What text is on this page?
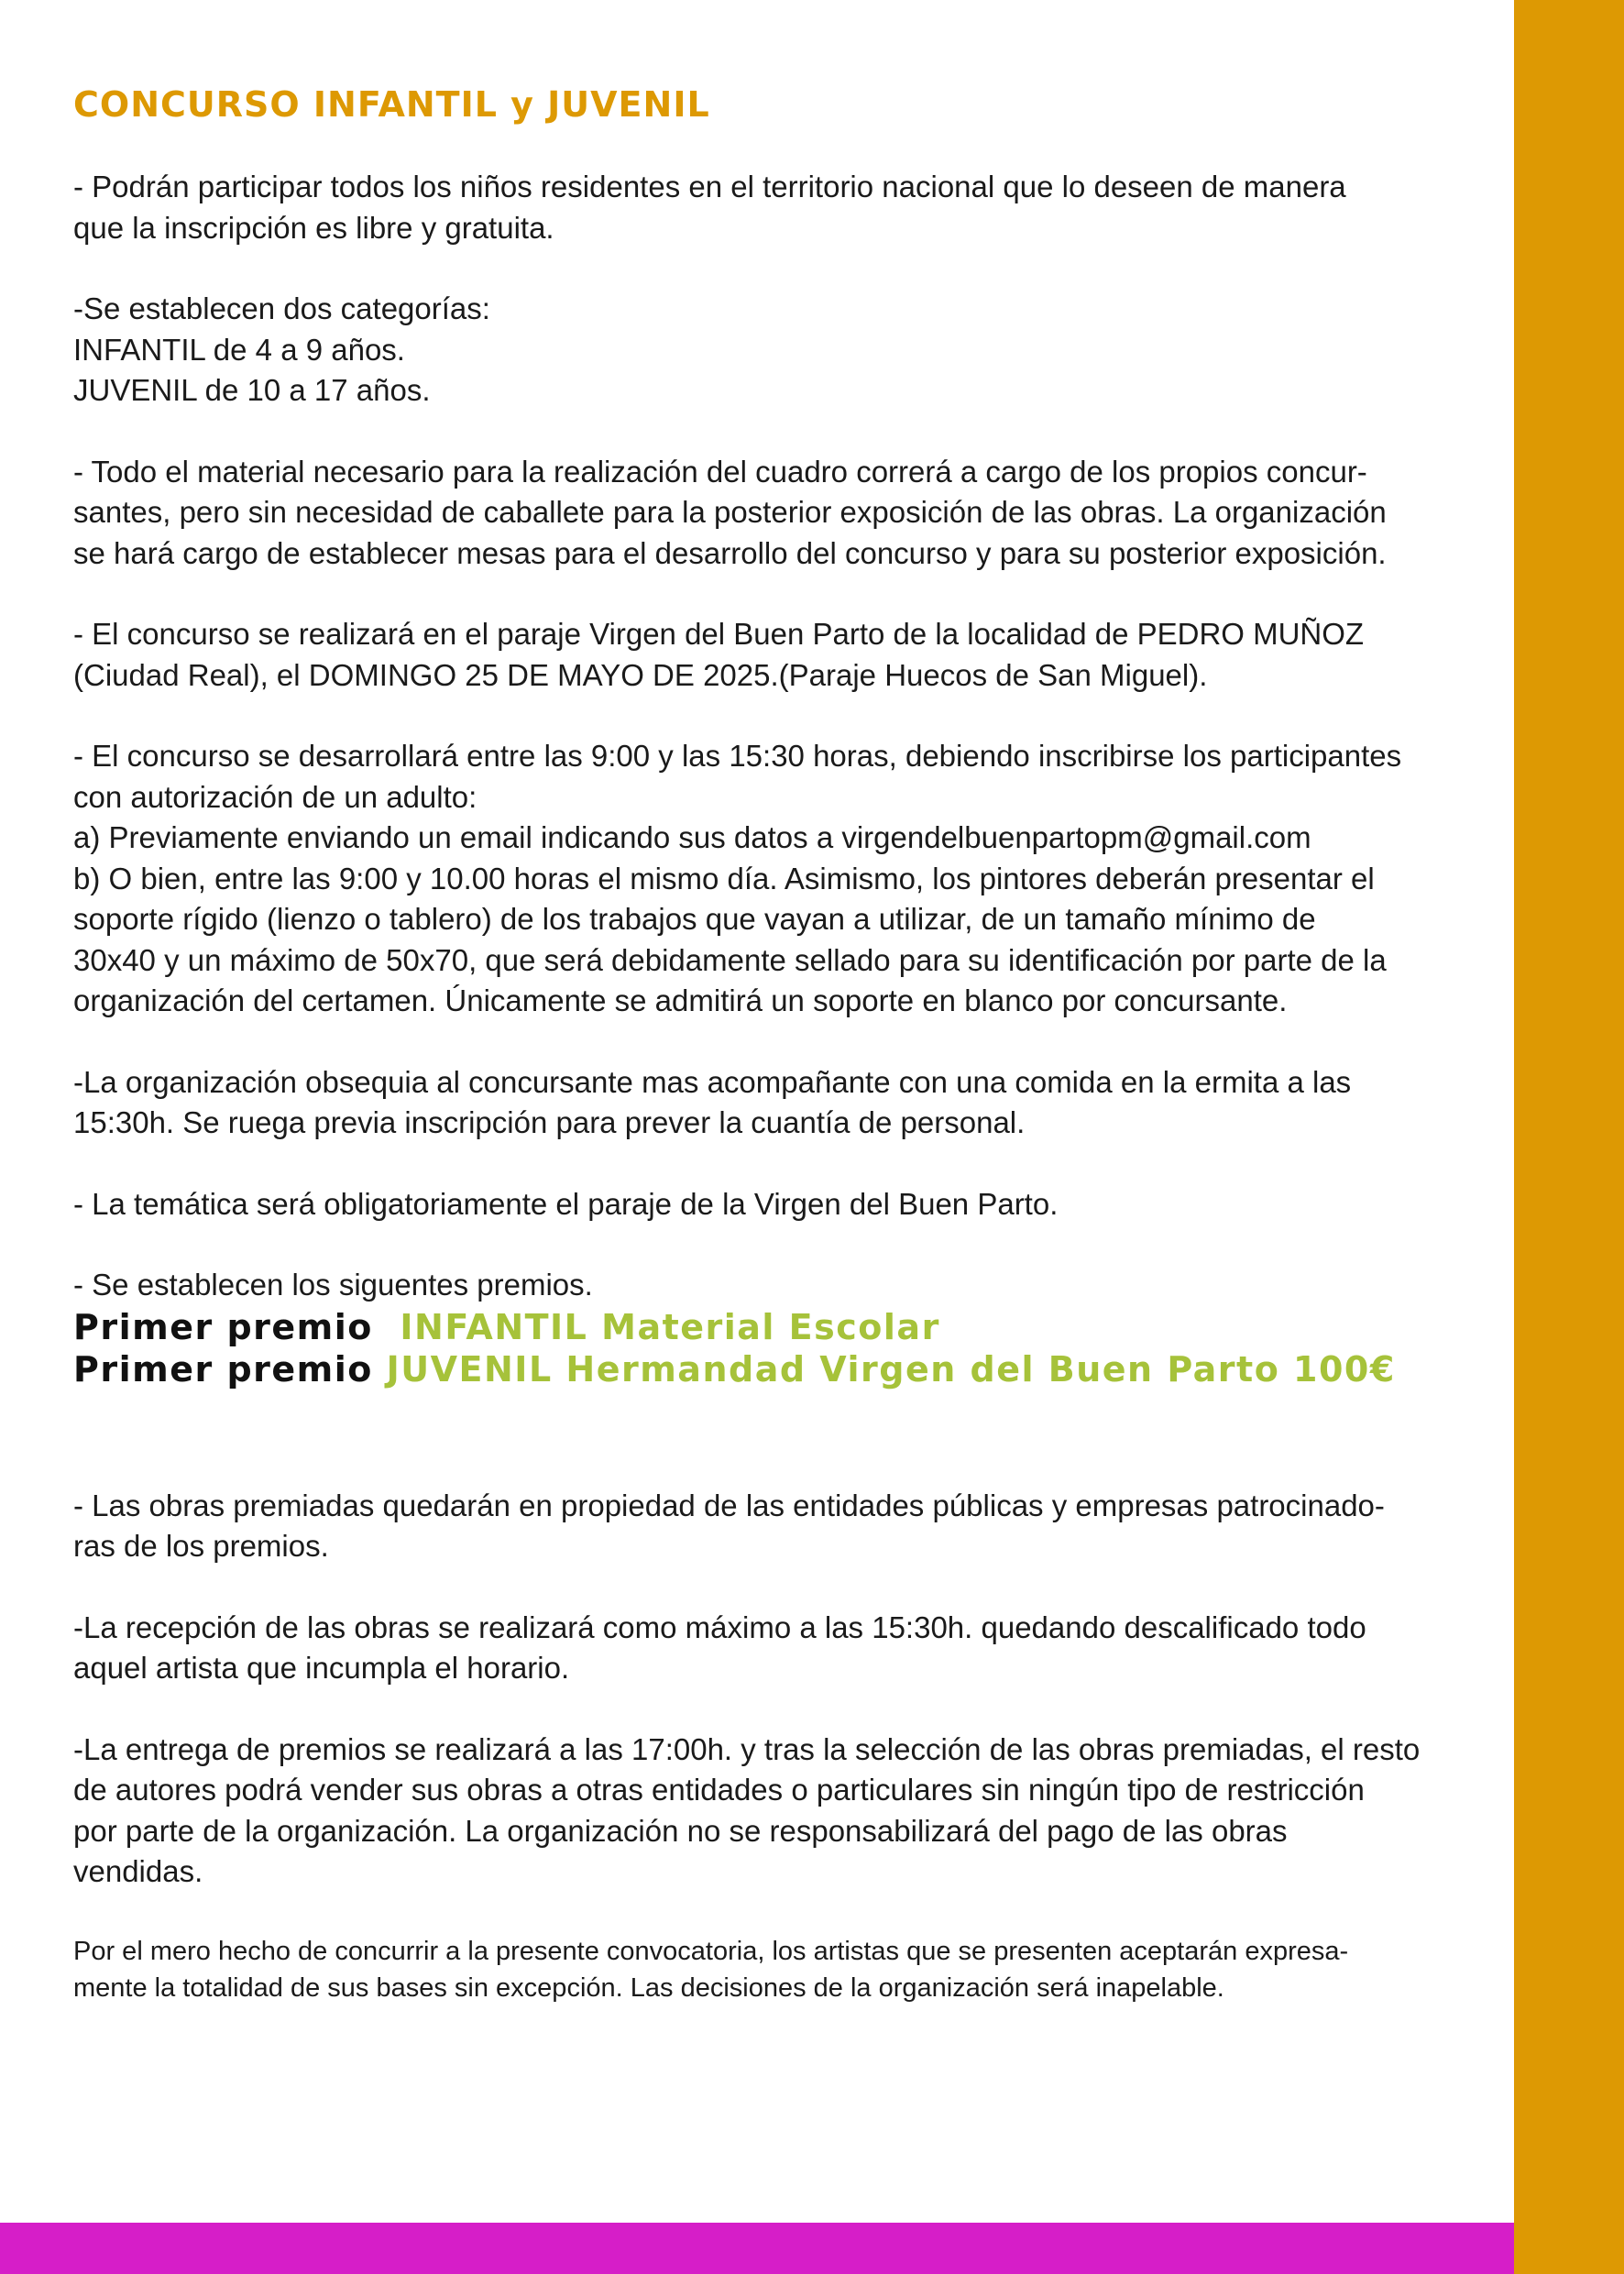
CONCURSO INFANTIL y JUVENIL
- Podrán participar todos los niños residentes en el territorio nacional que lo deseen de manera
que la inscripción es libre y gratuita.
-Se establecen dos categorías:
INFANTIL de 4 a 9 años.
JUVENIL de 10 a 17 años.
- Todo el material necesario para la realización del cuadro correrá a cargo de los propios concur-
santes, pero sin necesidad de caballete para la posterior exposición de las obras. La organización
se hará cargo de establecer mesas para el desarrollo del concurso y para su posterior exposición.
- El concurso se realizará en el paraje Virgen del Buen Parto de la localidad de PEDRO MUÑOZ
(Ciudad Real), el DOMINGO 25 DE MAYO DE 2025.(Paraje Huecos de San Miguel).
- El concurso se desarrollará entre las 9:00 y las 15:30 horas, debiendo inscribirse los participantes
con autorización de un adulto:
a) Previamente enviando un email indicando sus datos a virgendelbuenpartopm@gmail.com
b) O bien, entre las 9:00 y 10.00 horas el mismo día. Asimismo, los pintores deberán presentar el
soporte rígido (lienzo o tablero) de los trabajos que vayan a utilizar, de un tamaño mínimo de
30x40 y un máximo de 50x70, que será debidamente sellado para su identificación por parte de la
organización del certamen. Únicamente se admitirá un soporte en blanco por concursante.
-La organización obsequia al concursante mas acompañante con una comida en la ermita a las
15:30h. Se ruega previa inscripción para prever la cuantía de personal.
- La temática será obligatoriamente el paraje de la Virgen del Buen Parto.
- Se establecen los siguentes premios.
Primer premio INFANTIL Material Escolar
Primer premio JUVENIL Hermandad Virgen del Buen Parto 100€
- Las obras premiadas quedarán en propiedad de las entidades públicas y empresas patrocinado-
ras de los premios.
-La recepción de las obras se realizará como máximo a las 15:30h. quedando descalificado todo
aquel artista que incumpla el horario.
-La entrega de premios se realizará a las 17:00h. y tras la selección de las obras premiadas, el resto
de autores podrá vender sus obras a otras entidades o particulares sin ningún tipo de restricción
por parte de la organización. La organización no se responsabilizará del pago de las obras
vendidas.
Por el mero hecho de concurrir a la presente convocatoria, los artistas que se presenten aceptarán expresa-
mente la totalidad de sus bases sin excepción. Las decisiones de la organización será inapelable.
